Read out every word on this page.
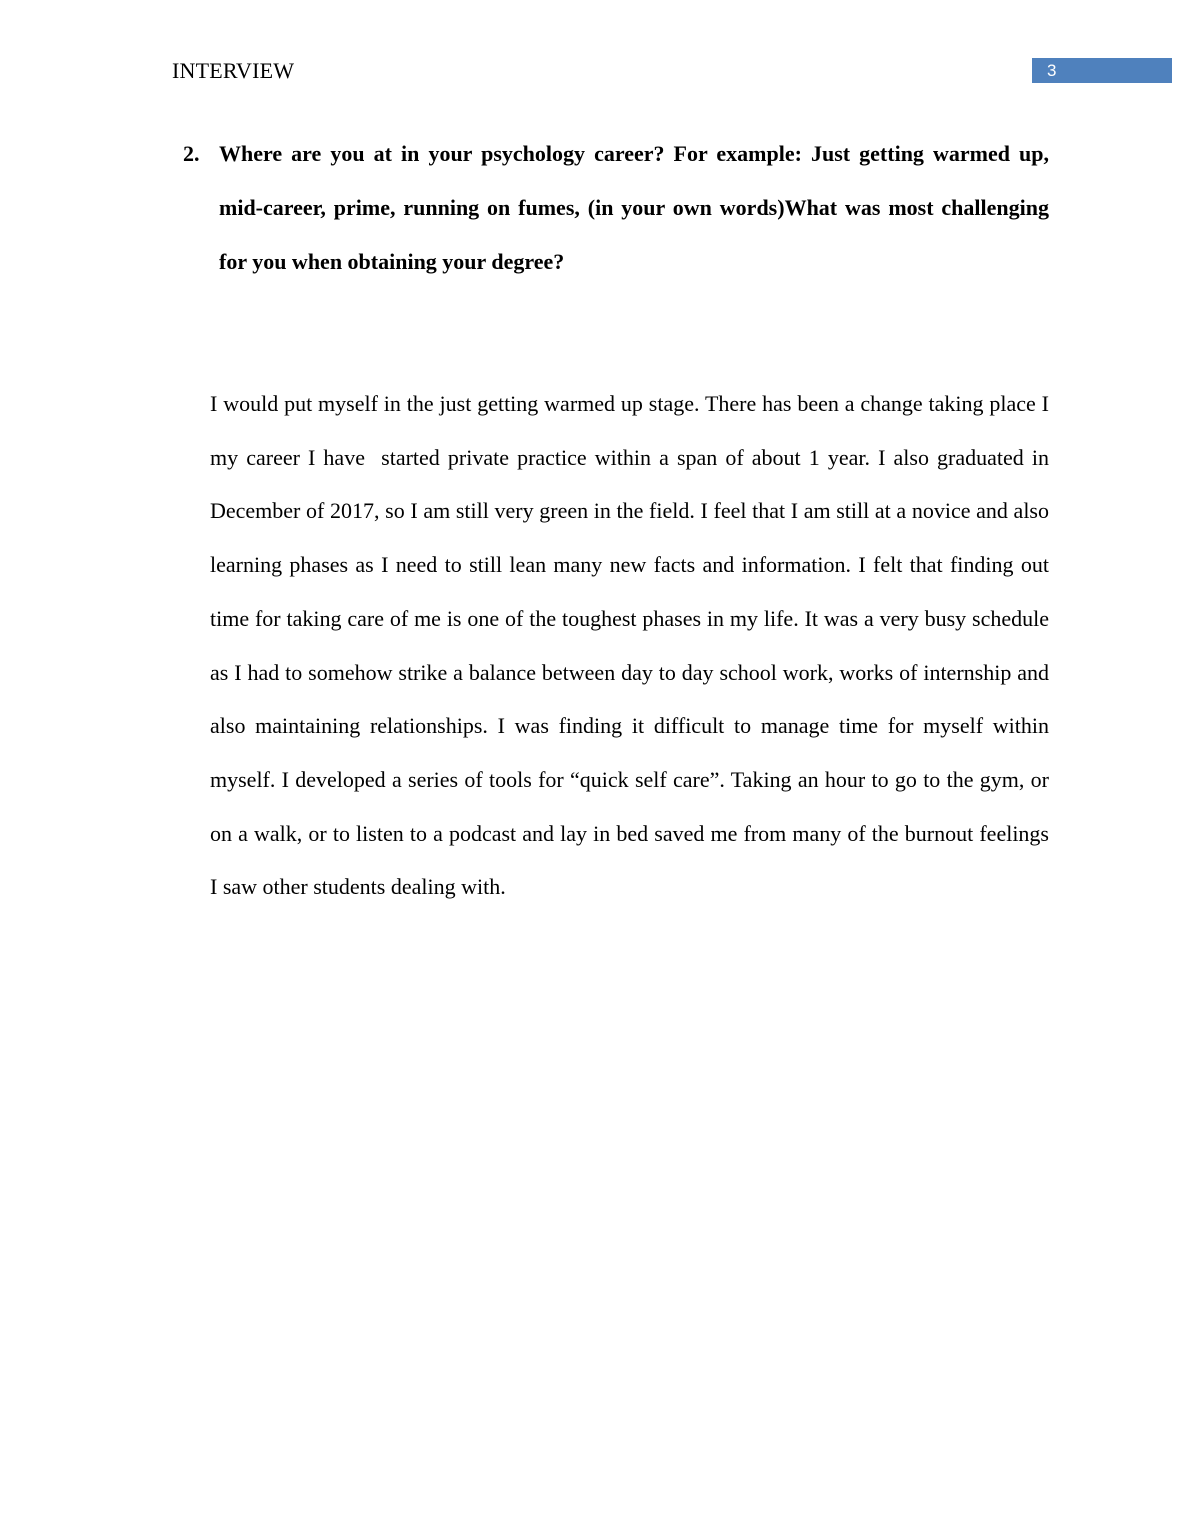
INTERVIEW	3
2. Where are you at in your psychology career? For example: Just getting warmed up, mid-career, prime, running on fumes, (in your own words)What was most challenging for you when obtaining your degree?

I would put myself in the just getting warmed up stage. There has been a change taking place I  my career I have  started private practice within a span of about 1 year. I also graduated in December of 2017, so I am still very green in the field. I feel that I am still at a novice and also learning phases as I need to still lean many new facts and information. I felt that finding out time for taking care of me is one of the toughest phases in my life. It was a very busy schedule as I had to somehow strike a balance between day to day school work, works of internship and also maintaining relationships. I was finding it difficult to manage time for myself within myself. I developed a series of tools for “quick self care”. Taking an hour to go to the gym, or on a walk, or to listen to a podcast and lay in bed saved me from many of the burnout feelings I saw other students dealing with.
